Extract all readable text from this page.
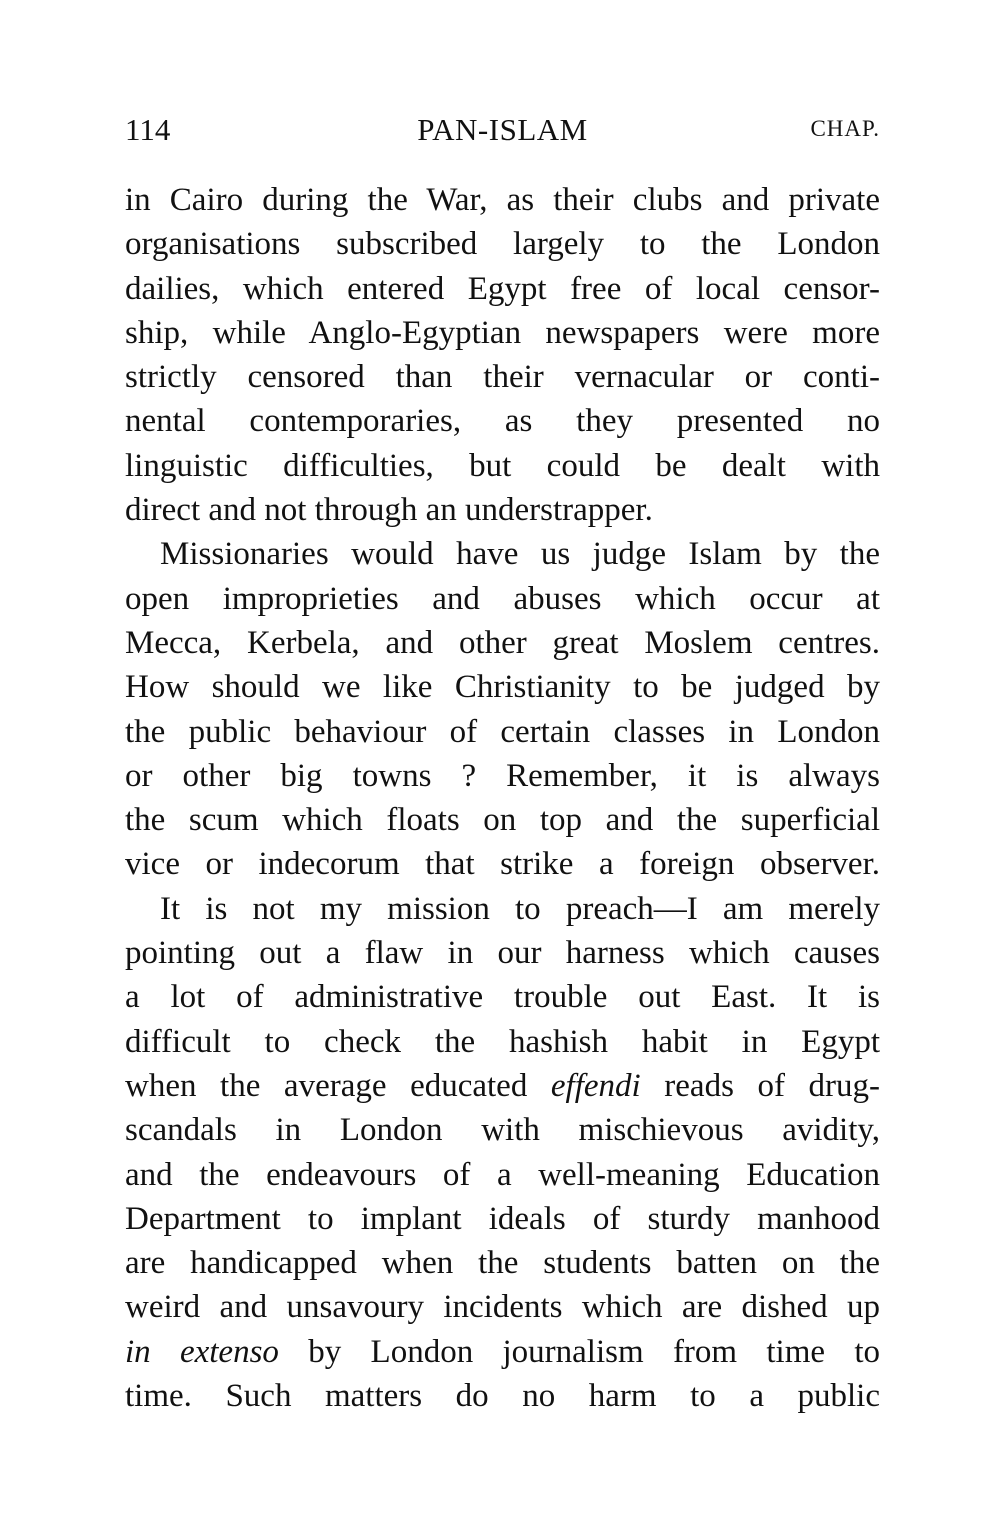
114	PAN-ISLAM	CHAP.
in Cairo during the War, as their clubs and private
organisations subscribed largely to the London
dailies, which entered Egypt free of local censor-
ship, while Anglo-Egyptian newspapers were more
strictly censored than their vernacular or conti-
nental contemporaries, as they presented no
linguistic difficulties, but could be dealt with
direct and not through an understrapper.
Missionaries would have us judge Islam by the
open improprieties and abuses which occur at
Mecca, Kerbela, and other great Moslem centres.
How should we like Christianity to be judged by
the public behaviour of certain classes in London
or other big towns ? Remember, it is always
the scum which floats on top and the superficial
vice or indecorum that strike a foreign observer.
It is not my mission to preach—I am merely
pointing out a flaw in our harness which causes
a lot of administrative trouble out East. It is
difficult to check the hashish habit in Egypt
when the average educated effendi reads of drug-
scandals in London with mischievous avidity,
and the endeavours of a well-meaning Education
Department to implant ideals of sturdy manhood
are handicapped when the students batten on the
weird and unsavoury incidents which are dished up
in extenso by London journalism from time to
time. Such matters do no harm to a public
